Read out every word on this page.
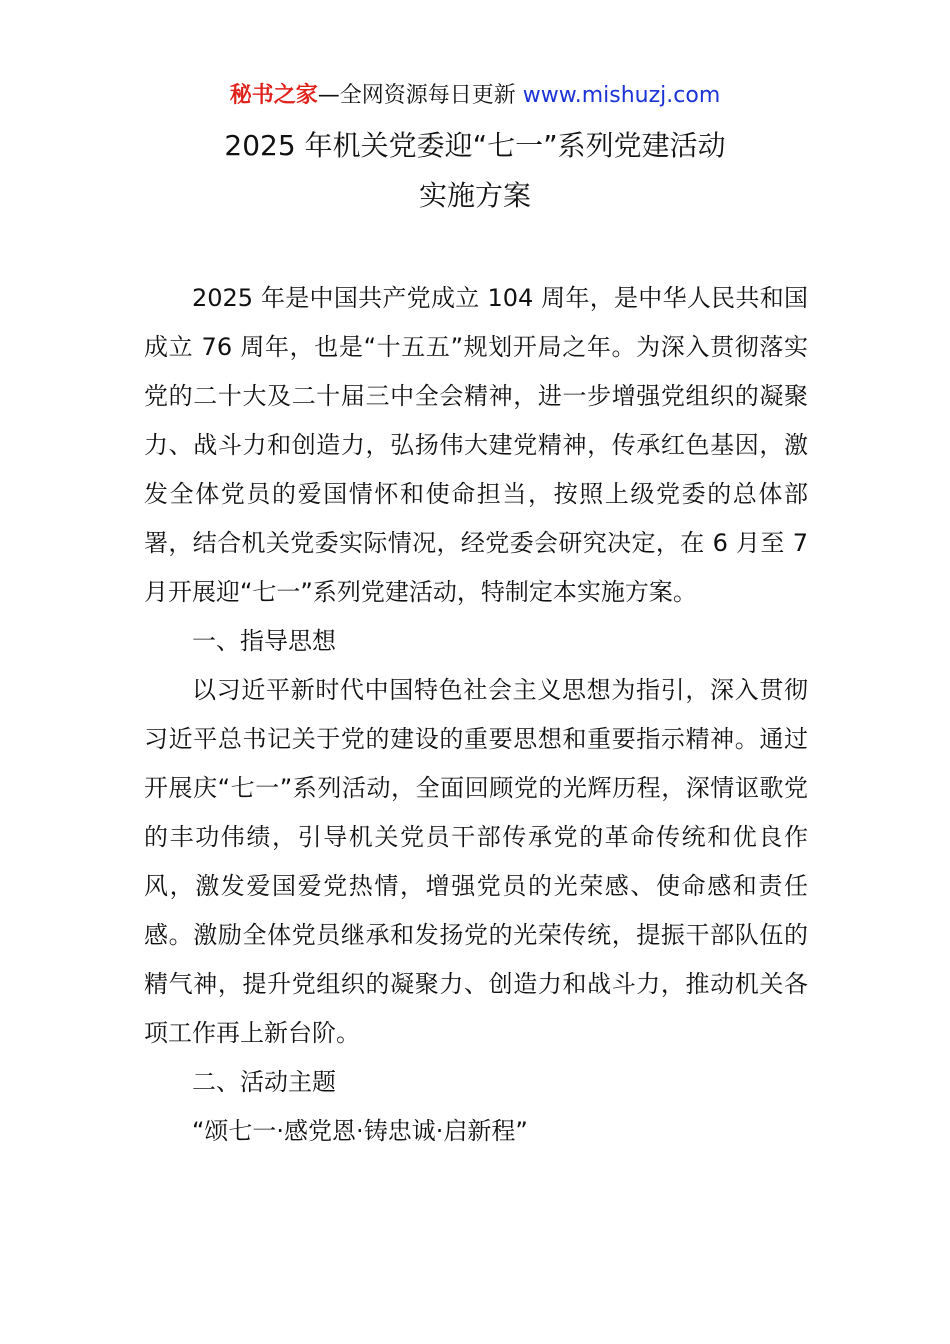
秘书之家—全网资源每日更新 www.mishuzj.com
2025 年机关党委迎“七一”系列党建活动
实施方案

2025 年是中国共产党成立 104 周年，是中华人民共和国成立 76 周年，也是“十五五”规划开局之年。为深入贯彻落实党的二十大及二十届三中全会精神，进一步增强党组织的凝聚力、战斗力和创造力，弘扬伟大建党精神，传承红色基因，激发全体党员的爱国情怀和使命担当，按照上级党委的总体部署，结合机关党委实际情况，经党委会研究决定，在 6 月至 7 月开展迎“七一”系列党建活动，特制定本实施方案。

一、指导思想

以习近平新时代中国特色社会主义思想为指引，深入贯彻习近平总书记关于党的建设的重要思想和重要指示精神。通过开展庆“七一”系列活动，全面回顾党的光辉历程，深情讴歌党的丰功伟绩，引导机关党员干部传承党的革命传统和优良作风，激发爱国爱党热情，增强党员的光荣感、使命感和责任感。激励全体党员继承和发扬党的光荣传统，提振干部队伍的精气神，提升党组织的凝聚力、创造力和战斗力，推动机关各项工作再上新台阶。

二、活动主题

“颂七一·感党恩·铸忠诚·启新程”
